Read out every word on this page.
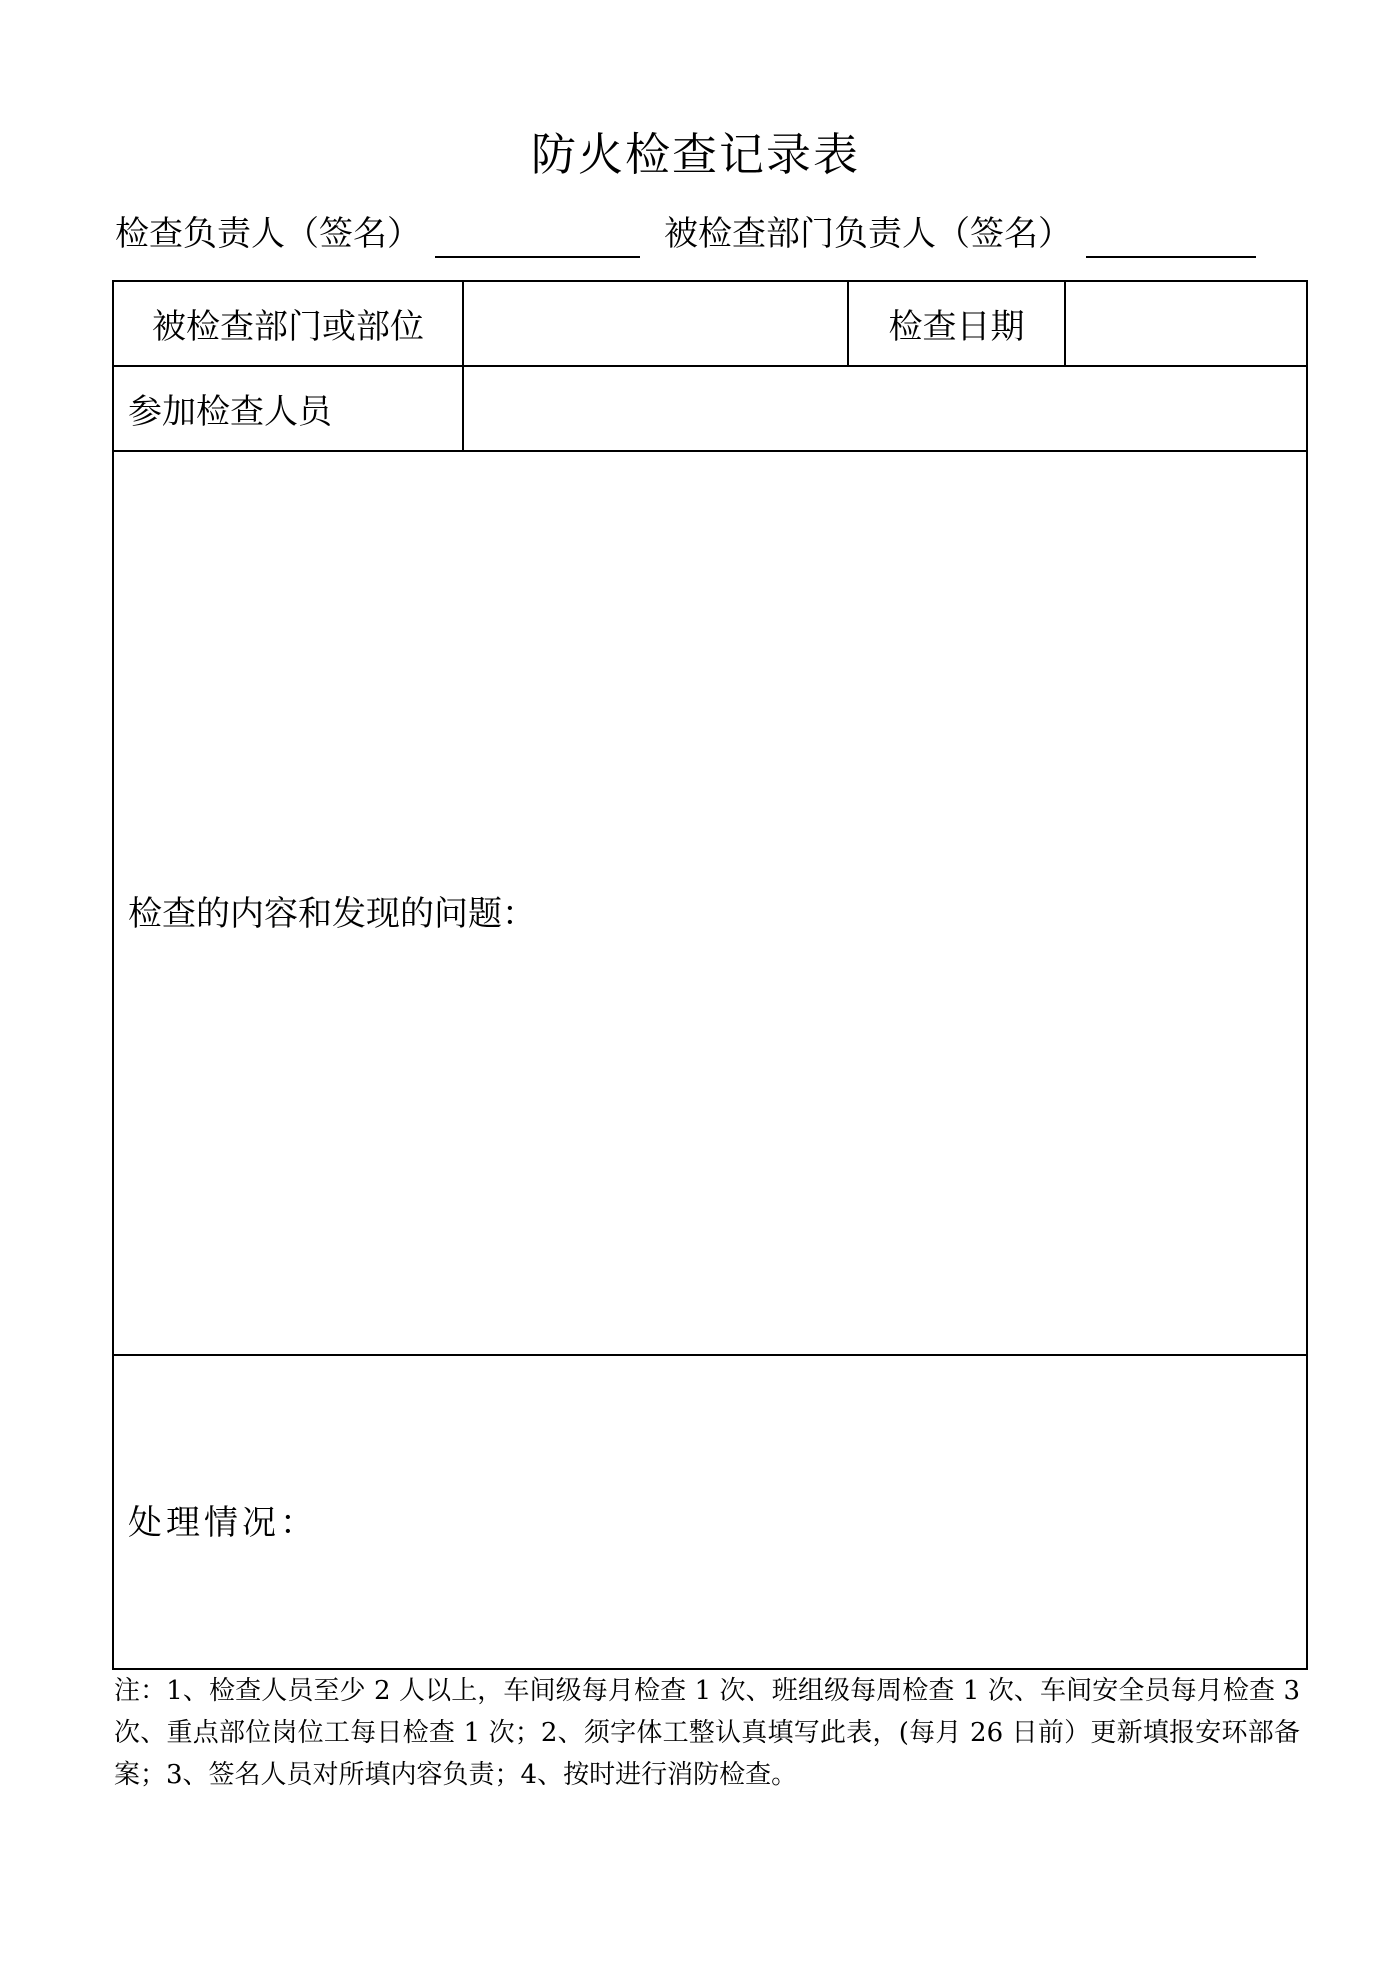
防火检查记录表
检查负责人（签名）	被检查部门负责人（签名）
被检查部门或部位		检查日期	
参加检查人员			

检查的内容和发现的问题：			

处理情况：			
注：1、检查人员至少 2 人以上，车间级每月检查 1 次、班组级每周检查 1 次、车间安全员每月检查 3 次、重点部位岗位工每日检查 1 次；2、须字体工整认真填写此表，(每月 26 日前）更新填报安环部备案；3、签名人员对所填内容负责；4、按时进行消防检查。
